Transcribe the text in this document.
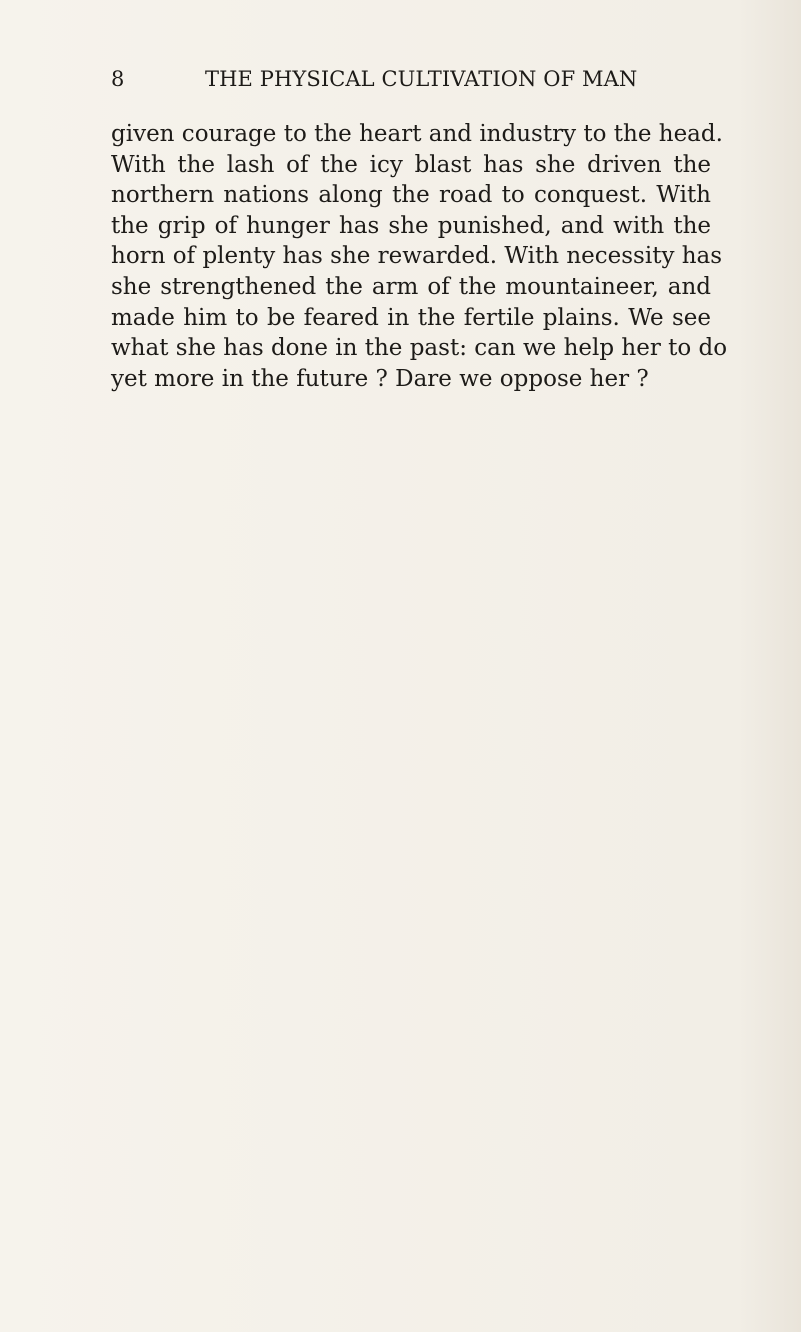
8	THE PHYSICAL CULTIVATION OF MAN

given courage to the heart and industry to the head.
With the lash of the icy blast has she driven the
northern nations along the road to conquest. With
the grip of hunger has she punished, and with the
horn of plenty has she rewarded. With necessity has
she strengthened the arm of the mountaineer, and
made him to be feared in the fertile plains. We see
what she has done in the past: can we help her to do
yet more in the future ? Dare we oppose her ?
